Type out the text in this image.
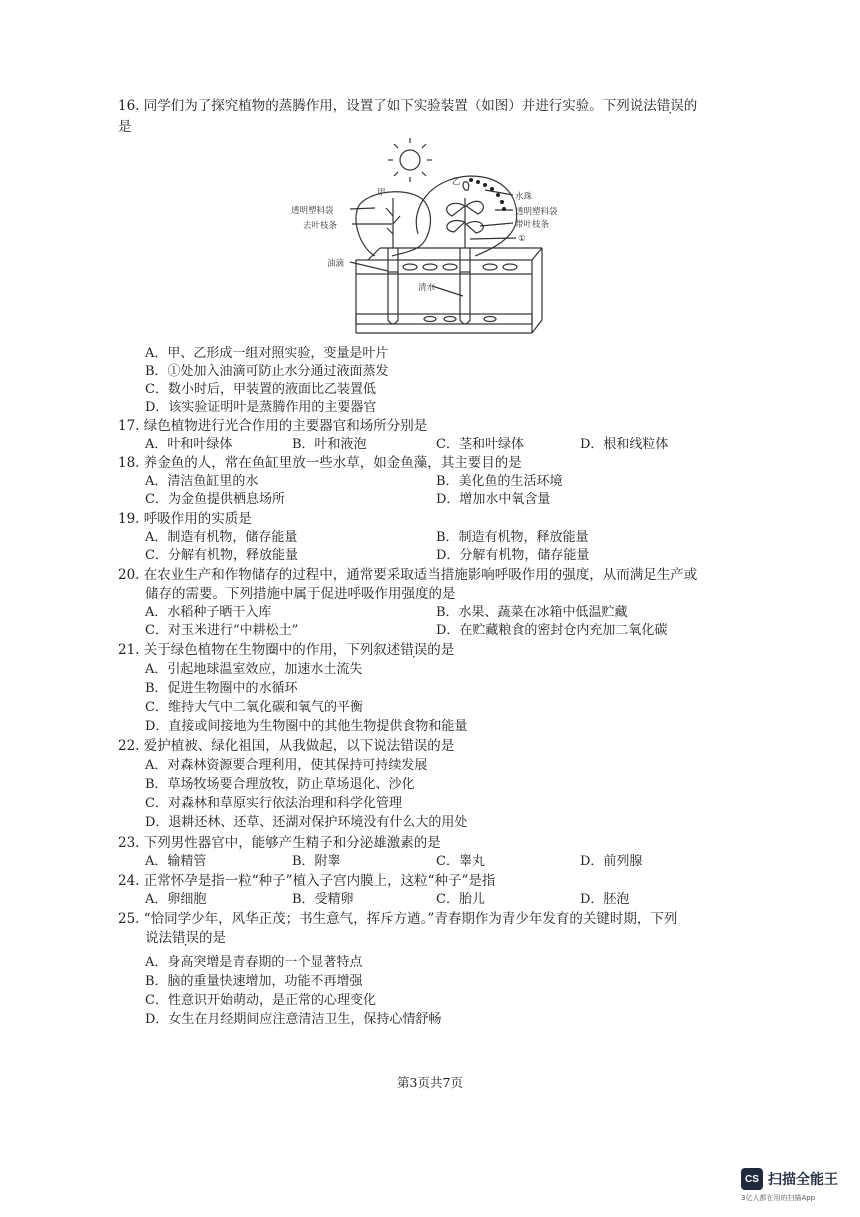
16. 同学们为了探究植物的蒸腾作用，设置了如下实验装置（如图）并进行实验。下列说法错误的
是
甲
乙
透明塑料袋
去叶枝条
油滴
水珠
透明塑料袋
带叶枝条
①
清水
A．甲、乙形成一组对照实验，变量是叶片
B．①处加入油滴可防止水分通过液面蒸发
C．数小时后，甲装置的液面比乙装置低
D．该实验证明叶是蒸腾作用的主要器官
17. 绿色植物进行光合作用的主要器官和场所分别是
A．叶和叶绿体	B．叶和液泡	C．茎和叶绿体	D．根和线粒体
18. 养金鱼的人，常在鱼缸里放一些水草，如金鱼藻，其主要目的是
A．清洁鱼缸里的水	B．美化鱼的生活环境
C．为金鱼提供栖息场所	D．增加水中氧含量
19. 呼吸作用的实质是
A．制造有机物，储存能量	B．制造有机物，释放能量
C．分解有机物，释放能量	D．分解有机物，储存能量
20. 在农业生产和作物储存的过程中，通常要采取适当措施影响呼吸作用的强度，从而满足生产或
储存的需要。下列措施中属于促进呼吸作用强度的是
A．水稻种子晒干入库	B．水果、蔬菜在冰箱中低温贮藏
C．对玉米进行“中耕松土”	D．在贮藏粮食的密封仓内充加二氧化碳
21. 关于绿色植物在生物圈中的作用，下列叙述错误的是
A．引起地球温室效应，加速水土流失
B．促进生物圈中的水循环
C．维持大气中二氧化碳和氧气的平衡
D．直接或间接地为生物圈中的其他生物提供食物和能量
22. 爱护植被、绿化祖国，从我做起，以下说法错误的是
A．对森林资源要合理利用，使其保持可持续发展
B．草场牧场要合理放牧，防止草场退化、沙化
C．对森林和草原实行依法治理和科学化管理
D．退耕还林、还草、还湖对保护环境没有什么大的用处
23. 下列男性器官中，能够产生精子和分泌雄激素的是
A．输精管	B．附睾	C．睾丸	D．前列腺
24. 正常怀孕是指一粒“种子”植入子宫内膜上，这粒“种子”是指
A．卵细胞	B．受精卵	C．胎儿	D．胚泡
25. “恰同学少年，风华正茂；书生意气，挥斥方遒。”青春期作为青少年发育的关键时期，下列
说法错误的是
A．身高突增是青春期的一个显著特点
B．脑的重量快速增加，功能不再增强
C．性意识开始萌动，是正常的心理变化
D．女生在月经期间应注意清洁卫生，保持心情舒畅
第3页共7页
CS 扫描全能王
3亿人都在用的扫描App
